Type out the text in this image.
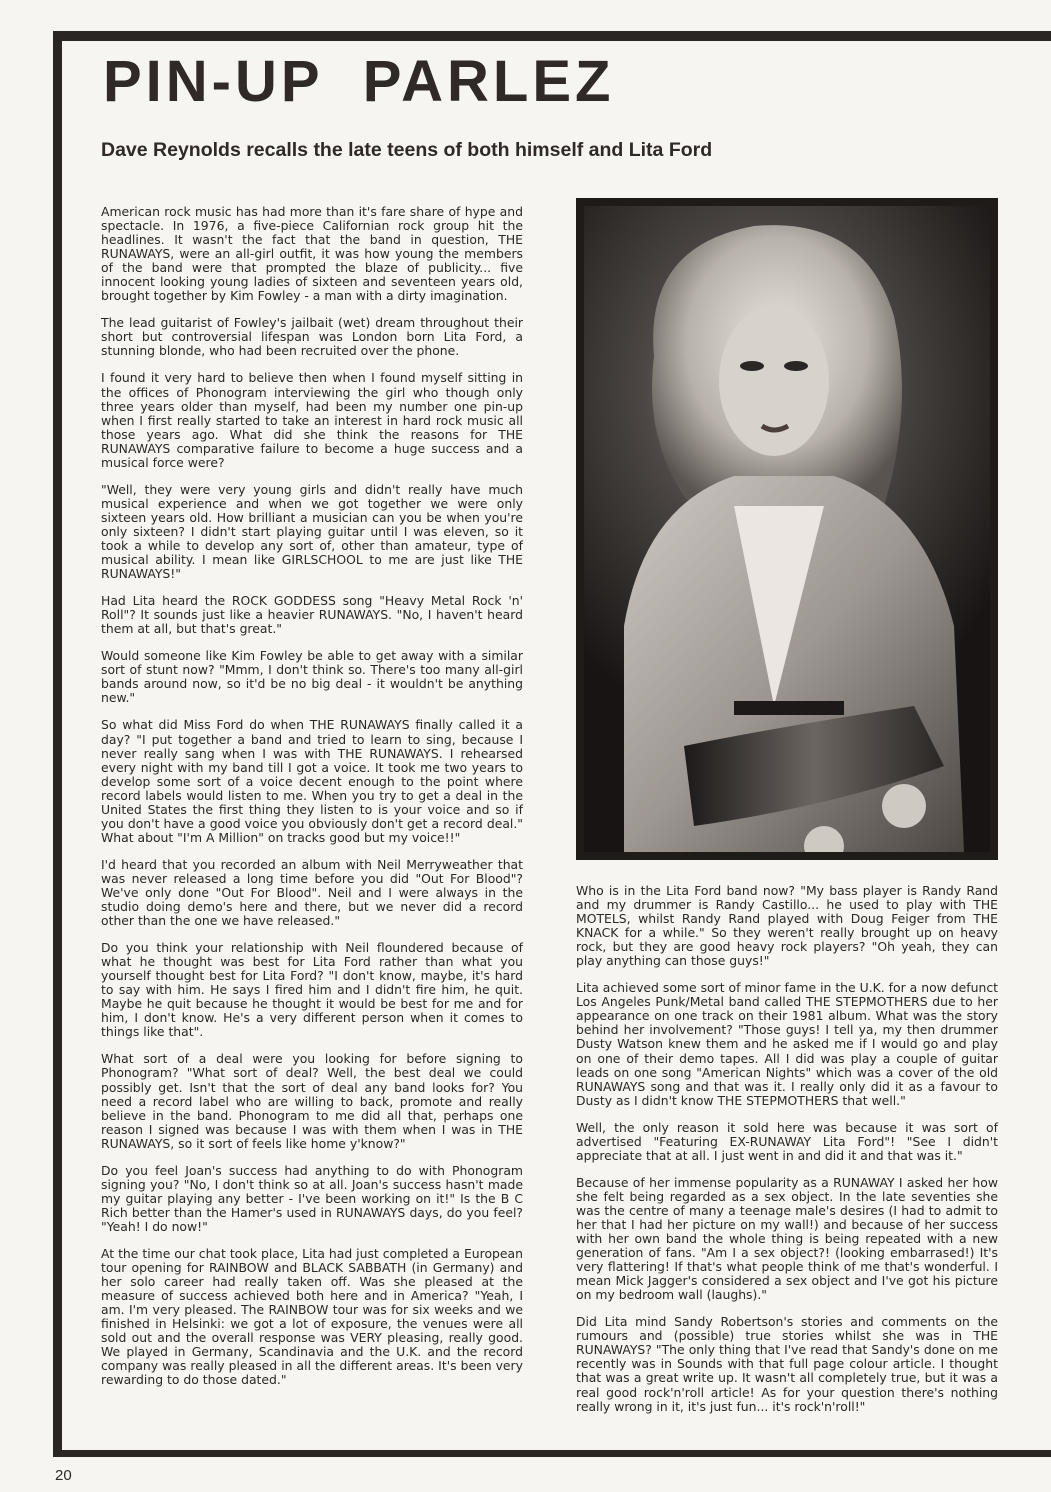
PIN-UP  PARLEZ
Dave Reynolds recalls the late teens of both himself and Lita Ford

American rock music has had more than it's fare share of hype and spectacle. In 1976, a five-piece Californian rock group hit the headlines. It wasn't the fact that the band in question, THE RUNAWAYS, were an all-girl outfit, it was how young the members of the band were that prompted the blaze of publicity... five innocent looking young ladies of sixteen and seventeen years old, brought together by Kim Fowley - a man with a dirty imagination.

The lead guitarist of Fowley's jailbait (wet) dream throughout their short but controversial lifespan was London born Lita Ford, a stunning blonde, who had been recruited over the phone.

I found it very hard to believe then when I found myself sitting in the offices of Phonogram interviewing the girl who though only three years older than myself, had been my number one pin-up when I first really started to take an interest in hard rock music all those years ago. What did she think the reasons for THE RUNAWAYS comparative failure to become a huge success and a musical force were?

"Well, they were very young girls and didn't really have much musical experience and when we got together we were only sixteen years old. How brilliant a musician can you be when you're only sixteen? I didn't start playing guitar until I was eleven, so it took a while to develop any sort of, other than amateur, type of musical ability. I mean like GIRLSCHOOL to me are just like THE RUNAWAYS!"

Had Lita heard the ROCK GODDESS song "Heavy Metal Rock 'n' Roll"? It sounds just like a heavier RUNAWAYS. "No, I haven't heard them at all, but that's great."

Would someone like Kim Fowley be able to get away with a similar sort of stunt now? "Mmm, I don't think so. There's too many all-girl bands around now, so it'd be no big deal - it wouldn't be anything new."

So what did Miss Ford do when THE RUNAWAYS finally called it a day? "I put together a band and tried to learn to sing, because I never really sang when I was with THE RUNAWAYS. I rehearsed every night with my band till I got a voice. It took me two years to develop some sort of a voice decent enough to the point where record labels would listen to me. When you try to get a deal in the United States the first thing they listen to is your voice and so if you don't have a good voice you obviously don't get a record deal." What about "I'm A Million" on tracks good but my voice!!"

I'd heard that you recorded an album with Neil Merryweather that was never released a long time before you did "Out For Blood"? We've only done "Out For Blood". Neil and I were always in the studio doing demo's here and there, but we never did a record other than the one we have released."

Do you think your relationship with Neil floundered because of what he thought was best for Lita Ford rather than what you yourself thought best for Lita Ford? "I don't know, maybe, it's hard to say with him. He says I fired him and I didn't fire him, he quit. Maybe he quit because he thought it would be best for me and for him, I don't know. He's a very different person when it comes to things like that".

What sort of a deal were you looking for before signing to Phonogram? "What sort of deal? Well, the best deal we could possibly get. Isn't that the sort of deal any band looks for? You need a record label who are willing to back, promote and really believe in the band. Phonogram to me did all that, perhaps one reason I signed was because I was with them when I was in THE RUNAWAYS, so it sort of feels like home y'know?"

Do you feel Joan's success had anything to do with Phonogram signing you? "No, I don't think so at all. Joan's success hasn't made my guitar playing any better - I've been working on it!" Is the B C Rich better than the Hamer's used in RUNAWAYS days, do you feel? "Yeah! I do now!"

At the time our chat took place, Lita had just completed a European tour opening for RAINBOW and BLACK SABBATH (in Germany) and her solo career had really taken off. Was she pleased at the measure of success achieved both here and in America? "Yeah, I am. I'm very pleased. The RAINBOW tour was for six weeks and we finished in Helsinki: we got a lot of exposure, the venues were all sold out and the overall response was VERY pleasing, really good. We played in Germany, Scandinavia and the U.K. and the record company was really pleased in all the different areas. It's been very rewarding to do those dated."

Who is in the Lita Ford band now? "My bass player is Randy Rand and my drummer is Randy Castillo... he used to play with THE MOTELS, whilst Randy Rand played with Doug Feiger from THE KNACK for a while." So they weren't really brought up on heavy rock, but they are good heavy rock players? "Oh yeah, they can play anything can those guys!"

Lita achieved some sort of minor fame in the U.K. for a now defunct Los Angeles Punk/Metal band called THE STEPMOTHERS due to her appearance on one track on their 1981 album. What was the story behind her involvement? "Those guys! I tell ya, my then drummer Dusty Watson knew them and he asked me if I would go and play on one of their demo tapes. All I did was play a couple of guitar leads on one song "American Nights" which was a cover of the old RUNAWAYS song and that was it. I really only did it as a favour to Dusty as I didn't know THE STEPMOTHERS that well."

Well, the only reason it sold here was because it was sort of advertised "Featuring EX-RUNAWAY Lita Ford"! "See I didn't appreciate that at all. I just went in and did it and that was it."

Because of her immense popularity as a RUNAWAY I asked her how she felt being regarded as a sex object. In the late seventies she was the centre of many a teenage male's desires (I had to admit to her that I had her picture on my wall!) and because of her success with her own band the whole thing is being repeated with a new generation of fans. "Am I a sex object?! (looking embarrased!) It's very flattering! If that's what people think of me that's wonderful. I mean Mick Jagger's considered a sex object and I've got his picture on my bedroom wall (laughs)."

Did Lita mind Sandy Robertson's stories and comments on the rumours and (possible) true stories whilst she was in THE RUNAWAYS? "The only thing that I've read that Sandy's done on me recently was in Sounds with that full page colour article. I thought that was a great write up. It wasn't all completely true, but it was a real good rock'n'roll article! As for your question there's nothing really wrong in it, it's just fun... it's rock'n'roll!"

20
